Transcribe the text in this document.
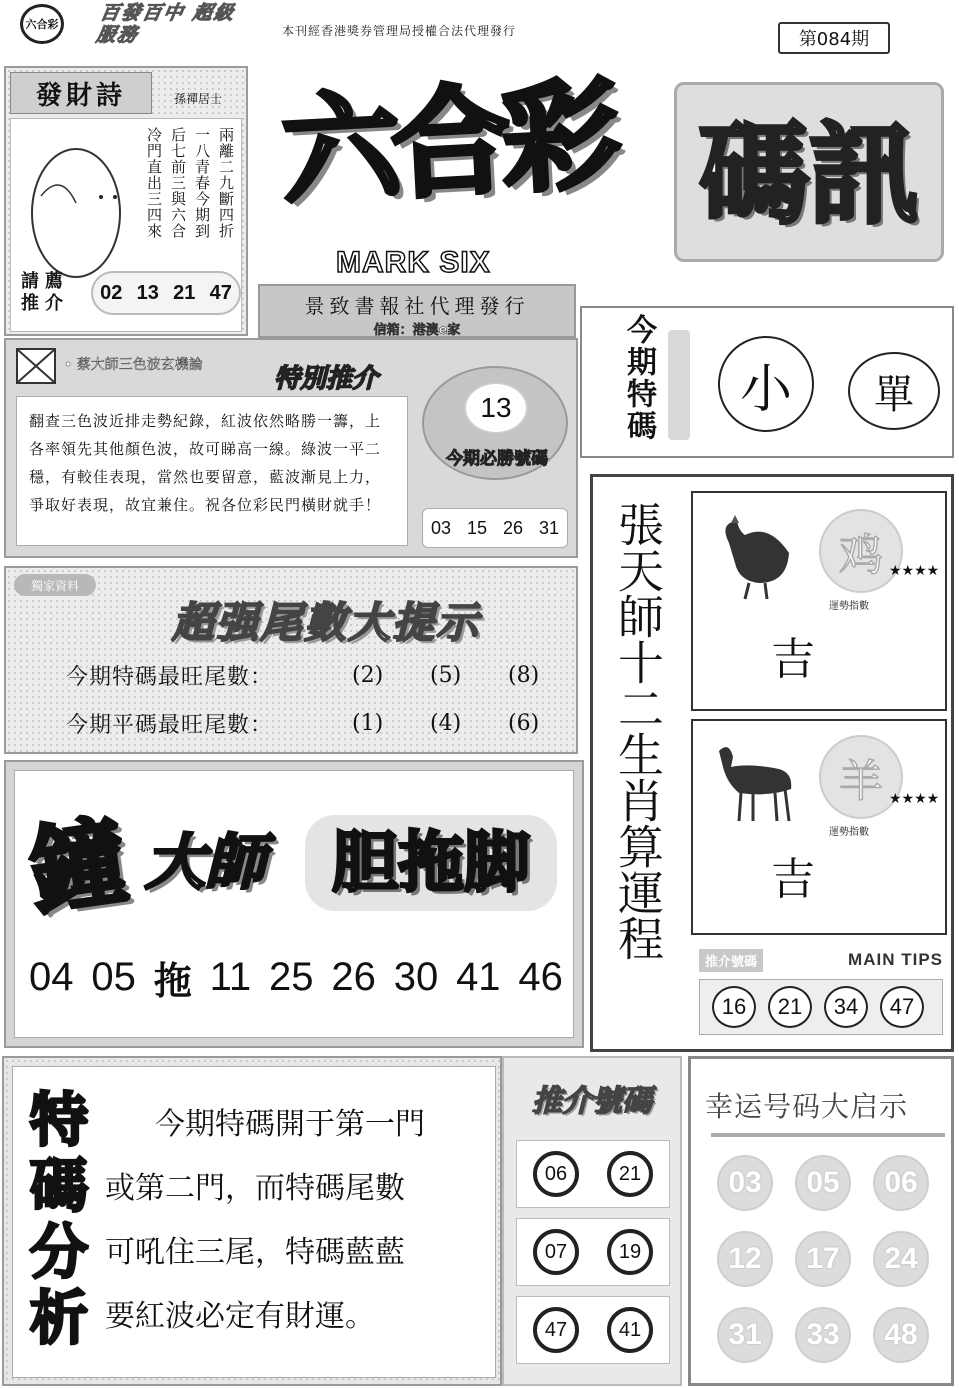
六合彩
百發百中 超級服務	本刊經香港獎券管理局授權合法代理發行	第084期
發財詩	孫禪居士
冷門直出三四來 后七前三與六合 一八青春今期到 兩離二九斷四折
請薦
推介 02 13 21 47
六合彩 碼訊
MARK SIX
景致書報社代理發行
信箱：港澳e家	今期特碼 小 單
• 蔡大師三色波玄機論	特別推介
翻查三色波近排走勢紀錄，紅波依然略勝一籌，上各率領先其他顏色波，故可睇高一線。綠波一平二穩，有較佳表現，當然也要留意，藍波漸見上力，爭取好表現，故宜兼住。祝各位彩民門橫財就手！
13
今期必勝號碼
03 15 26 31
獨家資料
超强尾數大提示
今期特碼最旺尾數：	(2)	(5)	(8)
今期平碼最旺尾數：	(1)	(4)	(6)
鐘 大師	胆拖脚
04 05 拖 11 25 26 30 41 46
張天師十二生肖算運程	鸡
運勢指數
★★★★
吉
羊
運勢指數
★★★★
吉
推介號碼	MAIN TIPS
16 21 34 47
特碼分析	今期特碼開于第一門
或第二門，而特碼尾數
可吼住三尾，特碼藍藍
要紅波必定有財運。
推介號碼
06	21
07	19
47	41
幸运号码大启示
03 05 06
12 17 24
31 33 48
